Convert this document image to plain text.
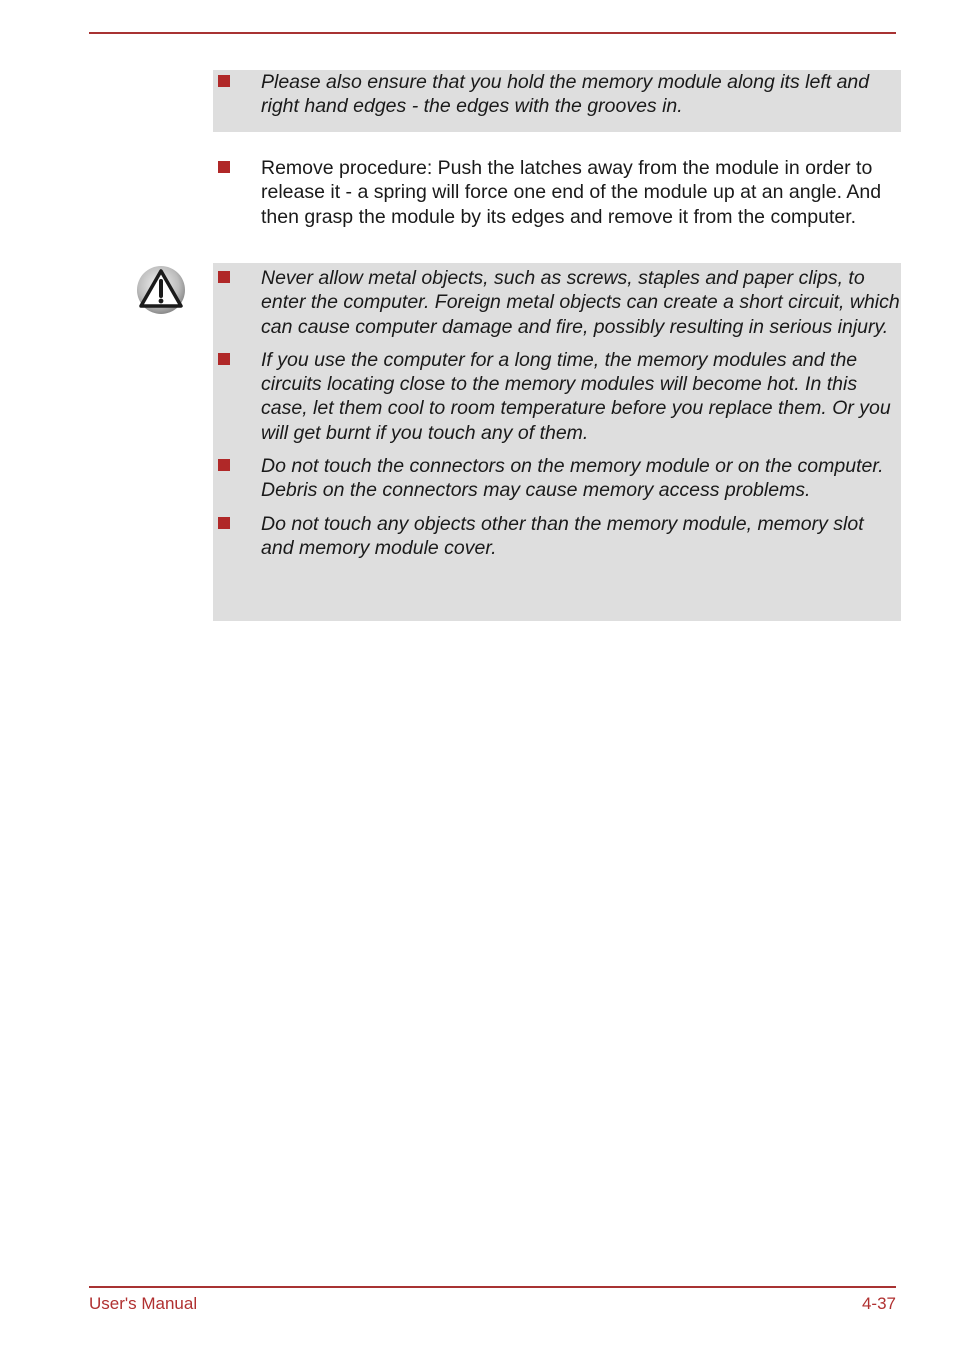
Please also ensure that you hold the memory module along its left and right hand edges - the edges with the grooves in.
Remove procedure: Push the latches away from the module in order to release it - a spring will force one end of the module up at an angle. And then grasp the module by its edges and remove it from the computer.
Never allow metal objects, such as screws, staples and paper clips, to enter the computer. Foreign metal objects can create a short circuit, which can cause computer damage and fire, possibly resulting in serious injury.
If you use the computer for a long time, the memory modules and the circuits locating close to the memory modules will become hot. In this case, let them cool to room temperature before you replace them. Or you will get burnt if you touch any of them.
Do not touch the connectors on the memory module or on the computer. Debris on the connectors may cause memory access problems.
Do not touch any objects other than the memory module, memory slot and memory module cover.
User's Manual	4-37
